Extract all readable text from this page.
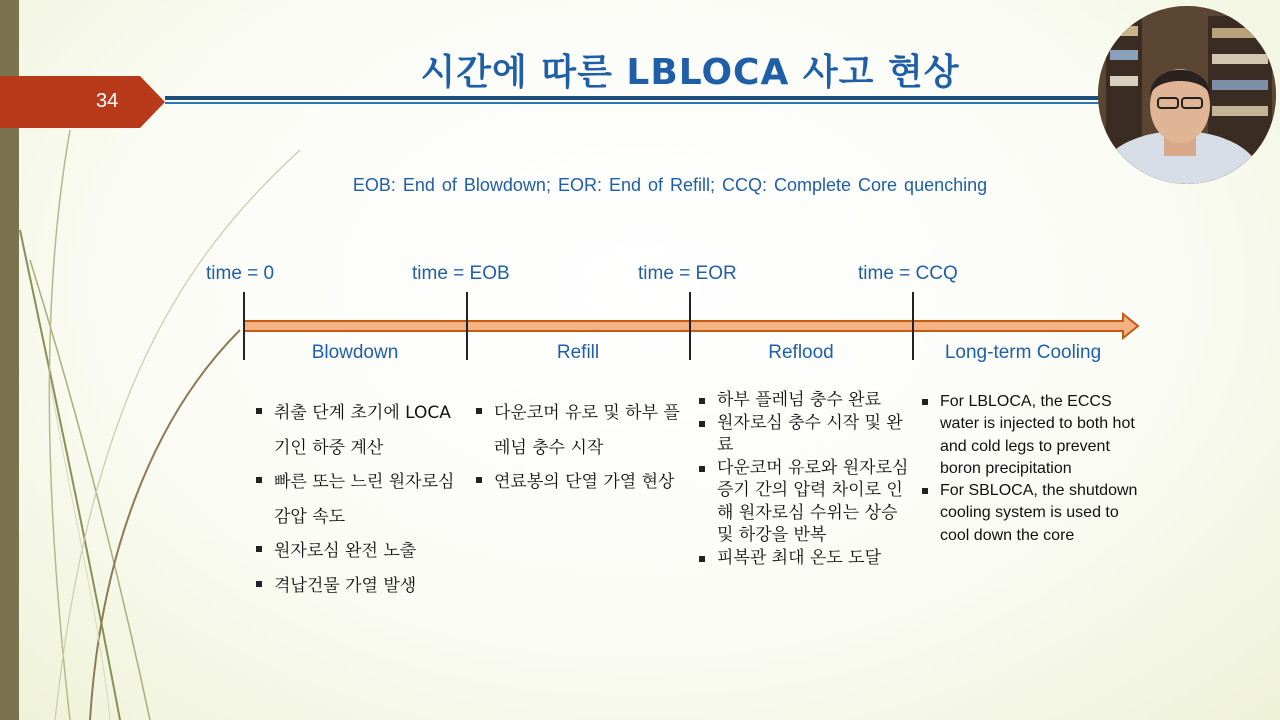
34
시간에 따른 LBLOCA 사고 현상
EOB: End of Blowdown; EOR: End of Refill; CCQ: Complete Core quenching
time = 0	time = EOB	time = EOR	time = CCQ
Blowdown	Refill	Reflood	Long-term Cooling
취출 단계 초기에 LOCA기인 하중 계산
빠른 또는 느린 원자로심 감압 속도
원자로심 완전 노출
격납건물 가열 발생
다운코머 유로 및 하부 플레넘 충수 시작
연료봉의 단열 가열 현상
하부 플레넘 충수 완료
원자로심 충수 시작 및 완료
다운코머 유로와 원자로심 증기 간의 압력 차이로 인해 원자로심 수위는 상승 및 하강을 반복
피복관 최대 온도 도달
For LBLOCA, the ECCS water is injected to both hot and cold legs to prevent boron precipitation
For SBLOCA, the shutdown cooling system is used to cool down the core
